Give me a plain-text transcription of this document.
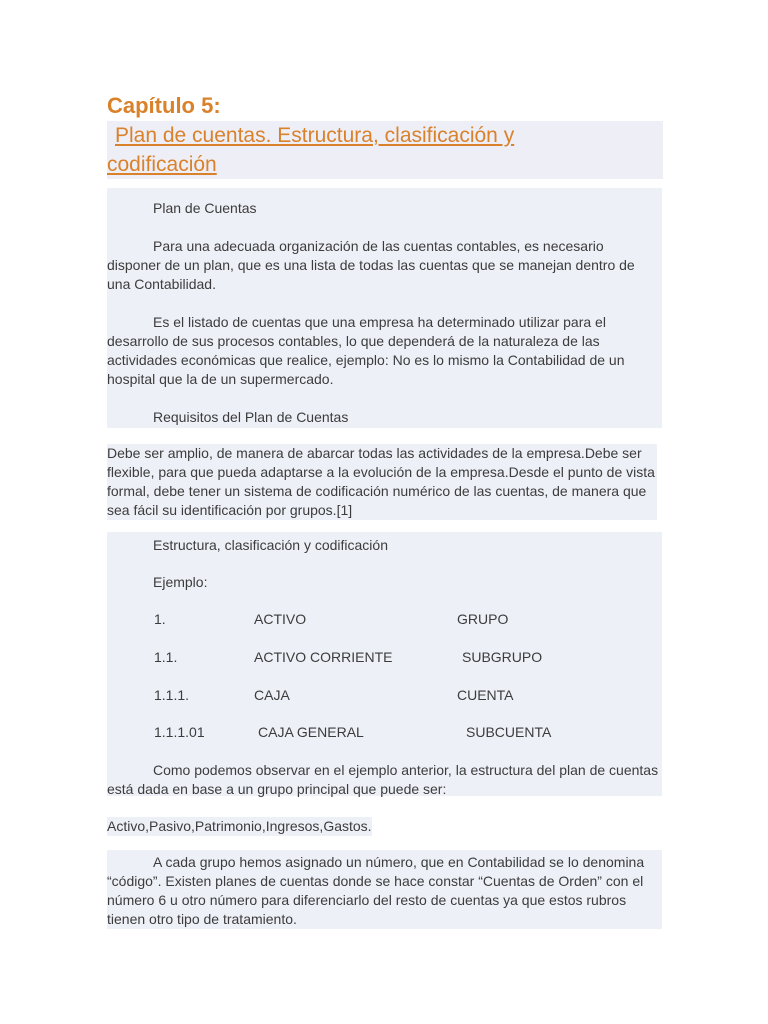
Capítulo 5:
Plan de cuentas. Estructura, clasificación y
codificación
Plan de Cuentas
Para una adecuada organización de las cuentas contables, es necesario disponer de un plan, que es una lista de todas las cuentas que se manejan dentro de una Contabilidad.
Es el listado de cuentas que una empresa ha determinado utilizar para el desarrollo de sus procesos contables, lo que dependerá de la naturaleza de las actividades económicas que realice, ejemplo: No es lo mismo la Contabilidad de un hospital que la de un supermercado.
Requisitos del Plan de Cuentas
Debe ser amplio, de manera de abarcar todas las actividades de la empresa.Debe ser flexible, para que pueda adaptarse a la evolución de la empresa.Desde el punto de vista formal, debe tener un sistema de codificación numérico de las cuentas, de manera que sea fácil su identificación por grupos.[1]
Estructura, clasificación y codificación
Ejemplo:
1.	ACTIVO	GRUPO
1.1.	ACTIVO CORRIENTE	SUBGRUPO
1.1.1.	CAJA	CUENTA
1.1.1.01	CAJA GENERAL	SUBCUENTA
Como podemos observar en el ejemplo anterior, la estructura del plan de cuentas está dada en base a un grupo principal que puede ser:
Activo,Pasivo,Patrimonio,Ingresos,Gastos.
A cada grupo hemos asignado un número, que en Contabilidad se lo denomina “código”. Existen planes de cuentas donde se hace constar “Cuentas de Orden” con el número 6 u otro número para diferenciarlo del resto de cuentas ya que estos rubros tienen otro tipo de tratamiento.
